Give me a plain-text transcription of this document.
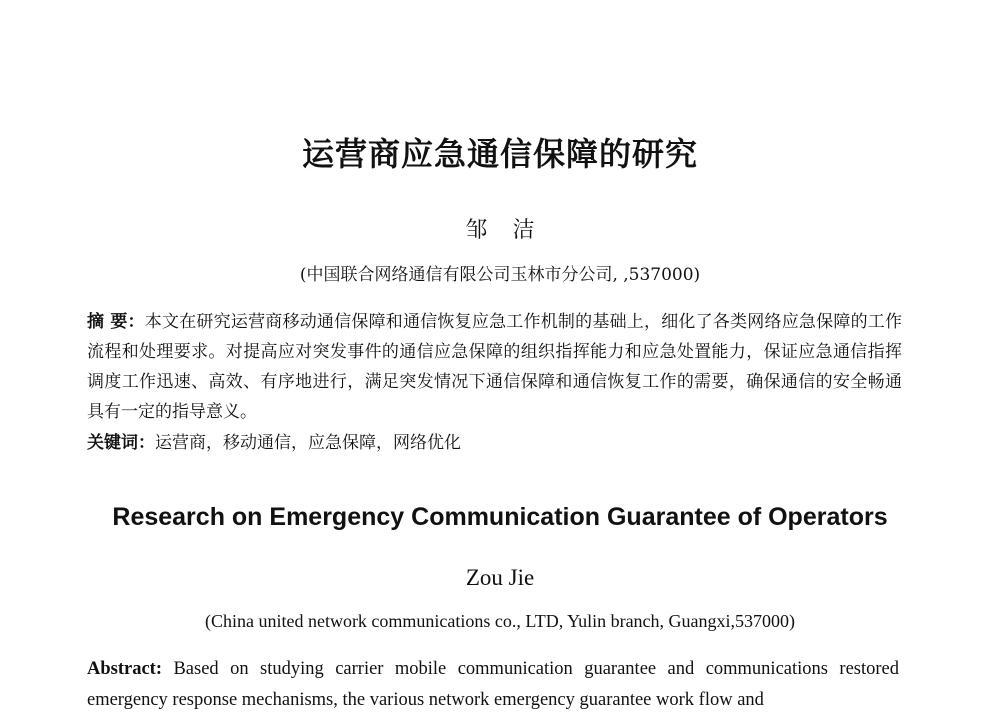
运营商应急通信保障的研究
邹 洁
(中国联合网络通信有限公司玉林市分公司, ,537000)

摘 要：本文在研究运营商移动通信保障和通信恢复应急工作机制的基础上，细化了各类网络应急保障的工作流程和处理要求。对提高应对突发事件的通信应急保障的组织指挥能力和应急处置能力，保证应急通信指挥调度工作迅速、高效、有序地进行，满足突发情况下通信保障和通信恢复工作的需要，确保通信的安全畅通具有一定的指导意义。

关键词：运营商，移动通信，应急保障，网络优化

Research on Emergency Communication Guarantee of Operators
Zou Jie
(China united network communications co., LTD, Yulin branch, Guangxi,537000)

Abstract: Based on studying carrier mobile communication guarantee and communications restored emergency response mechanisms, the various network emergency guarantee work flow and
